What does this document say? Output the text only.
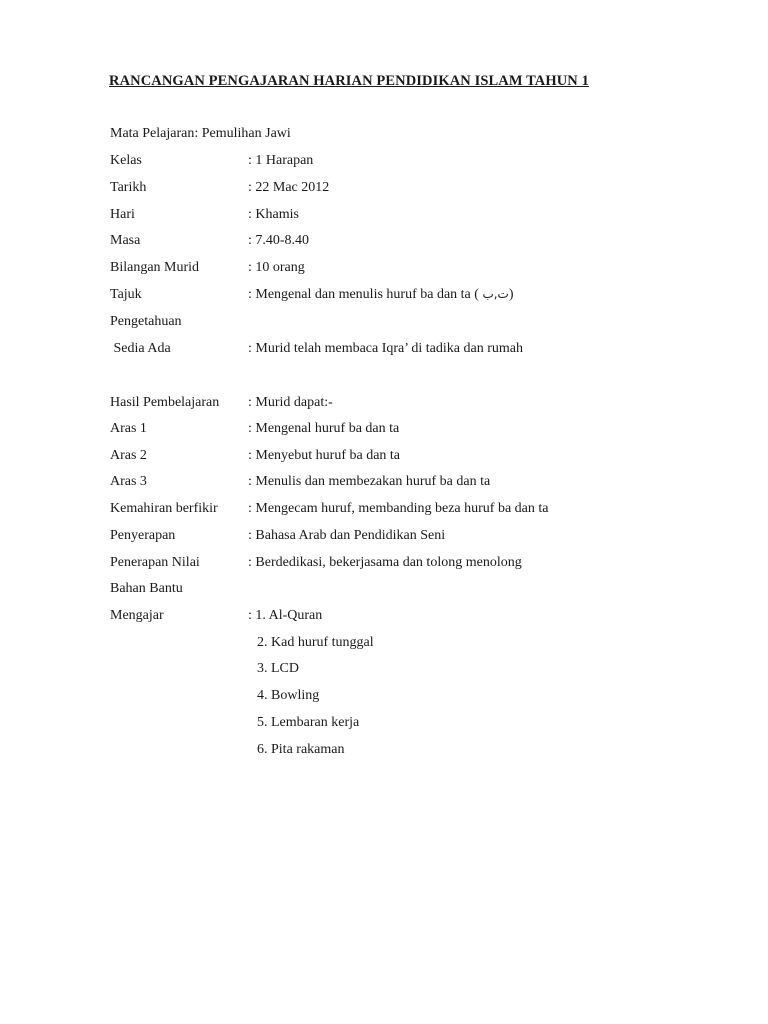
RANCANGAN PENGAJARAN HARIAN PENDIDIKAN ISLAM TAHUN 1
Mata Pelajaran: Pemulihan Jawi
Kelas	: 1 Harapan
Tarikh	: 22 Mac 2012
Hari	: Khamis
Masa	: 7.40-8.40
Bilangan Murid	: 10 orang
Tajuk	: Mengenal dan menulis huruf ba dan ta ( ت,ب)
Pengetahuan
Sedia Ada	: Murid telah membaca Iqra’ di tadika dan rumah
Hasil Pembelajaran : Murid dapat:-
Aras 1	: Mengenal huruf ba dan ta
Aras 2	: Menyebut huruf ba dan ta
Aras 3	: Menulis dan membezakan huruf ba dan ta
Kemahiran berfikir : Mengecam huruf, membanding beza huruf ba dan ta
Penyerapan	: Bahasa Arab dan Pendidikan Seni
Penerapan Nilai	: Berdedikasi, bekerjasama dan tolong menolong
Bahan Bantu
Mengajar	: 1. Al-Quran
2. Kad huruf tunggal
3. LCD
4. Bowling
5. Lembaran kerja
6. Pita rakaman
